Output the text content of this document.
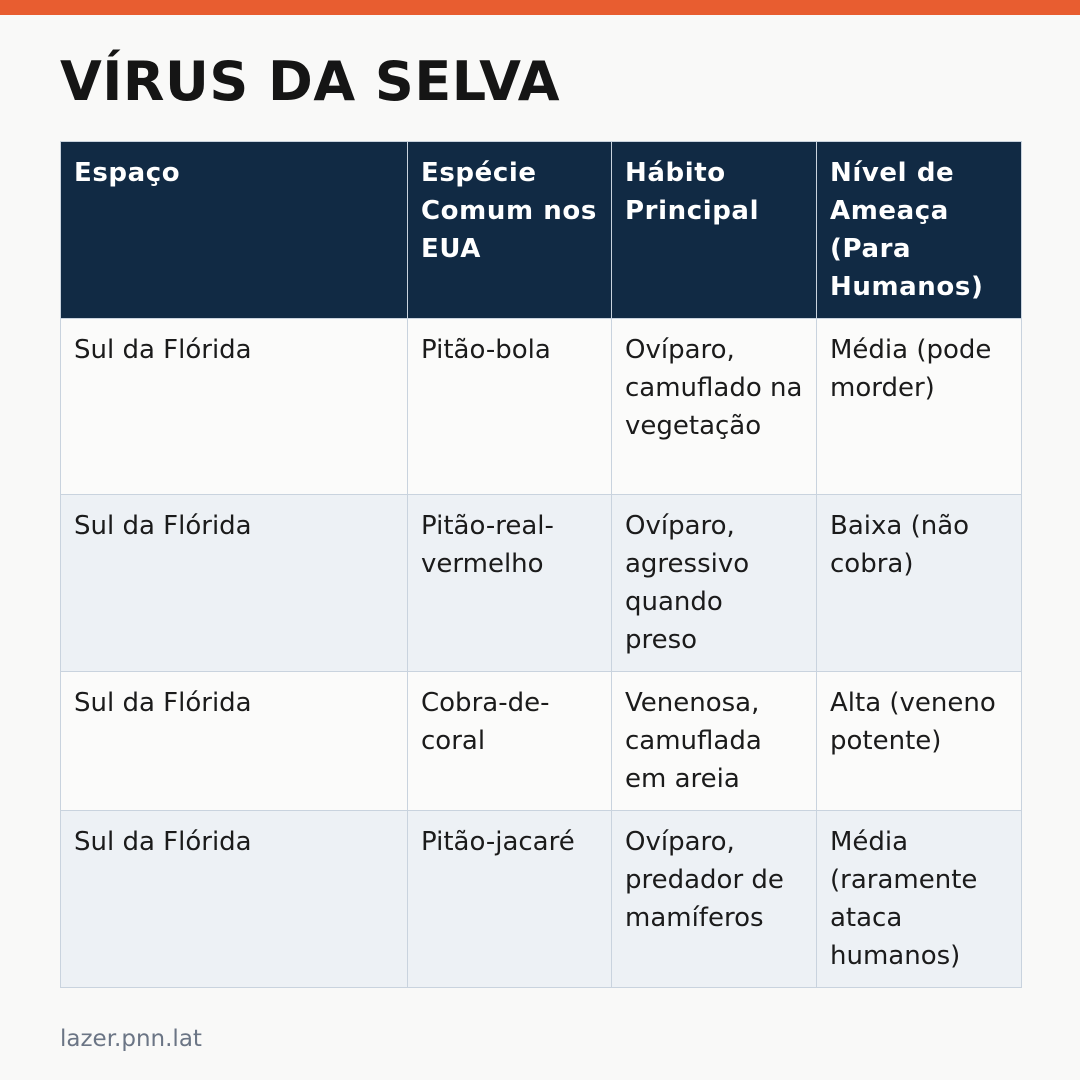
VÍRUS DA SELVA
Espaço	Espécie Comum nos EUA	Hábito Principal	Nível de Ameaça (Para Humanos)
Sul da Flórida	Pitão-bola	Ovíparo, camuflado na vegetação	Média (pode morder)
Sul da Flórida	Pitão-real-vermelho	Ovíparo, agressivo quando preso	Baixa (não cobra)
Sul da Flórida	Cobra-de-coral	Venenosa, camuflada em areia	Alta (veneno potente)
Sul da Flórida	Pitão-jacaré	Ovíparo, predador de mamíferos	Média (raramente ataca humanos)
lazer.pnn.lat
